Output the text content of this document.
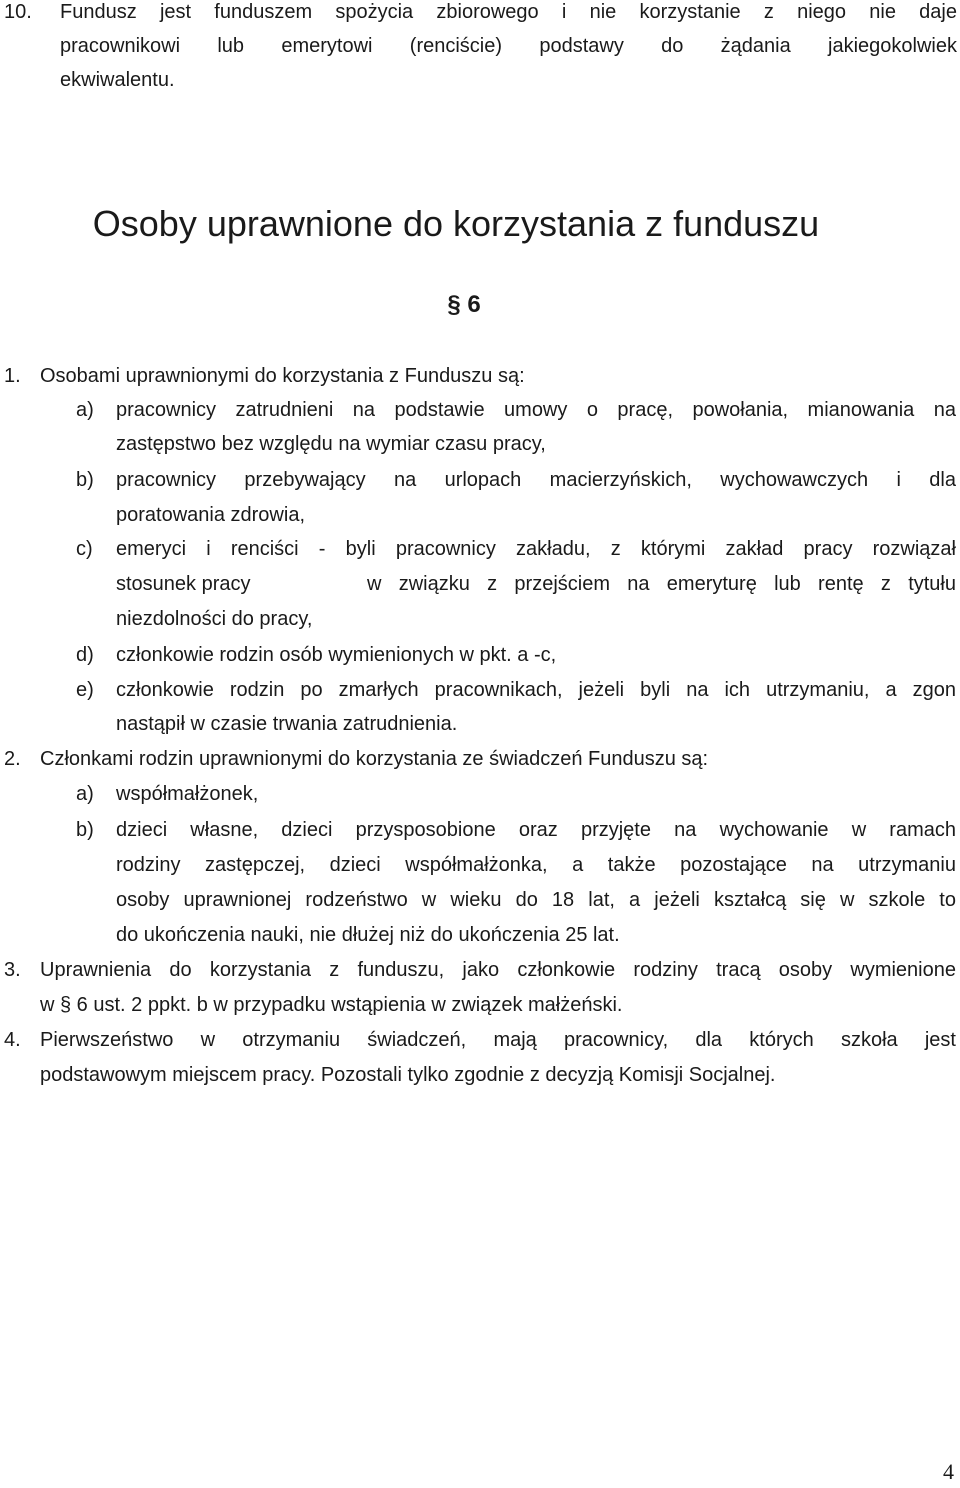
10. Fundusz jest funduszem spożycia zbiorowego i nie korzystanie z niego nie daje
pracownikowi lub emerytowi (renciście) podstawy do żądania jakiegokolwiek
ekwiwalentu.
Osoby uprawnione do korzystania z funduszu
§ 6
1. Osobami uprawnionymi do korzystania z Funduszu są:
a) pracownicy zatrudnieni na podstawie umowy o pracę, powołania, mianowania na
zastępstwo bez względu na wymiar czasu pracy,
b) pracownicy przebywający na urlopach macierzyńskich, wychowawczych i dla
poratowania zdrowia,
c) emeryci i renciści - byli pracownicy zakładu, z którymi zakład pracy rozwiązał
stosunek pracy	w związku z przejściem na emeryturę lub rentę z tytułu
niezdolności do pracy,
d) członkowie rodzin osób wymienionych w pkt. a -c,
e) członkowie rodzin po zmarłych pracownikach, jeżeli byli na ich utrzymaniu, a zgon
nastąpił w czasie trwania zatrudnienia.
2. Członkami rodzin uprawnionymi do korzystania ze świadczeń Funduszu są:
a) współmałżonek,
b) dzieci własne, dzieci przysposobione oraz przyjęte na wychowanie w ramach
rodziny zastępczej, dzieci współmałżonka, a także pozostające na utrzymaniu
osoby uprawnionej rodzeństwo w wieku do 18 lat, a jeżeli kształcą się w szkole to
do ukończenia nauki, nie dłużej niż do ukończenia 25 lat.
3. Uprawnienia do korzystania z funduszu, jako członkowie rodziny tracą osoby wymienione
w § 6 ust. 2 ppkt. b w przypadku wstąpienia w związek małżeński.
4. Pierwszeństwo w otrzymaniu świadczeń, mają pracownicy, dla których szkoła jest
podstawowym miejscem pracy. Pozostali tylko zgodnie z decyzją Komisji Socjalnej.
4
